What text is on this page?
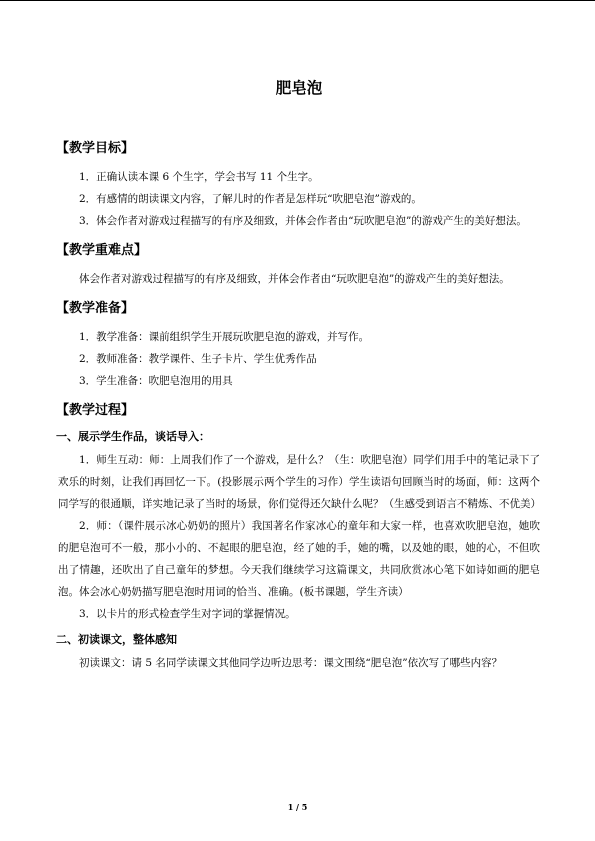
肥皂泡
【教学目标】

1．正确认读本课 6 个生字，学会书写 11 个生字。

2．有感情的朗读课文内容，了解儿时的作者是怎样玩“吹肥皂泡”游戏的。

3．体会作者对游戏过程描写的有序及细致，并体会作者由“玩吹肥皂泡”的游戏产生的美好想法。

【教学重难点】

体会作者对游戏过程描写的有序及细致，并体会作者由“玩吹肥皂泡”的游戏产生的美好想法。

【教学准备】

1．教学准备：课前组织学生开展玩吹肥皂泡的游戏，并写作。

2．教师准备：教学课件、生子卡片、学生优秀作品

3．学生准备：吹肥皂泡用的用具

【教学过程】
一、展示学生作品，谈话导入：

1．师生互动：师：上周我们作了一个游戏，是什么？（生：吹肥皂泡）同学们用手中的笔记录下了欢乐的时刻，让我们再回忆一下。(投影展示两个学生的习作）学生读语句回顾当时的场面，师：这两个同学写的很通顺，详实地记录了当时的场景，你们觉得还欠缺什么呢？（生感受到语言不精炼、不优美）

2．师：（课件展示冰心奶奶的照片）我国著名作家冰心的童年和大家一样，也喜欢吹肥皂泡，她吹的肥皂泡可不一般，那小小的、不起眼的肥皂泡，经了她的手，她的嘴，以及她的眼，她的心，不但吹出了情趣，还吹出了自己童年的梦想。今天我们继续学习这篇课文，共同欣赏冰心笔下如诗如画的肥皂泡。体会冰心奶奶描写肥皂泡时用词的恰当、准确。(板书课题，学生齐读）

3．以卡片的形式检查学生对字词的掌握情况。

二、初读课文，整体感知

初读课文：请 5 名同学读课文其他同学边听边思考：课文围绕“肥皂泡”依次写了哪些内容？

1 / 5
